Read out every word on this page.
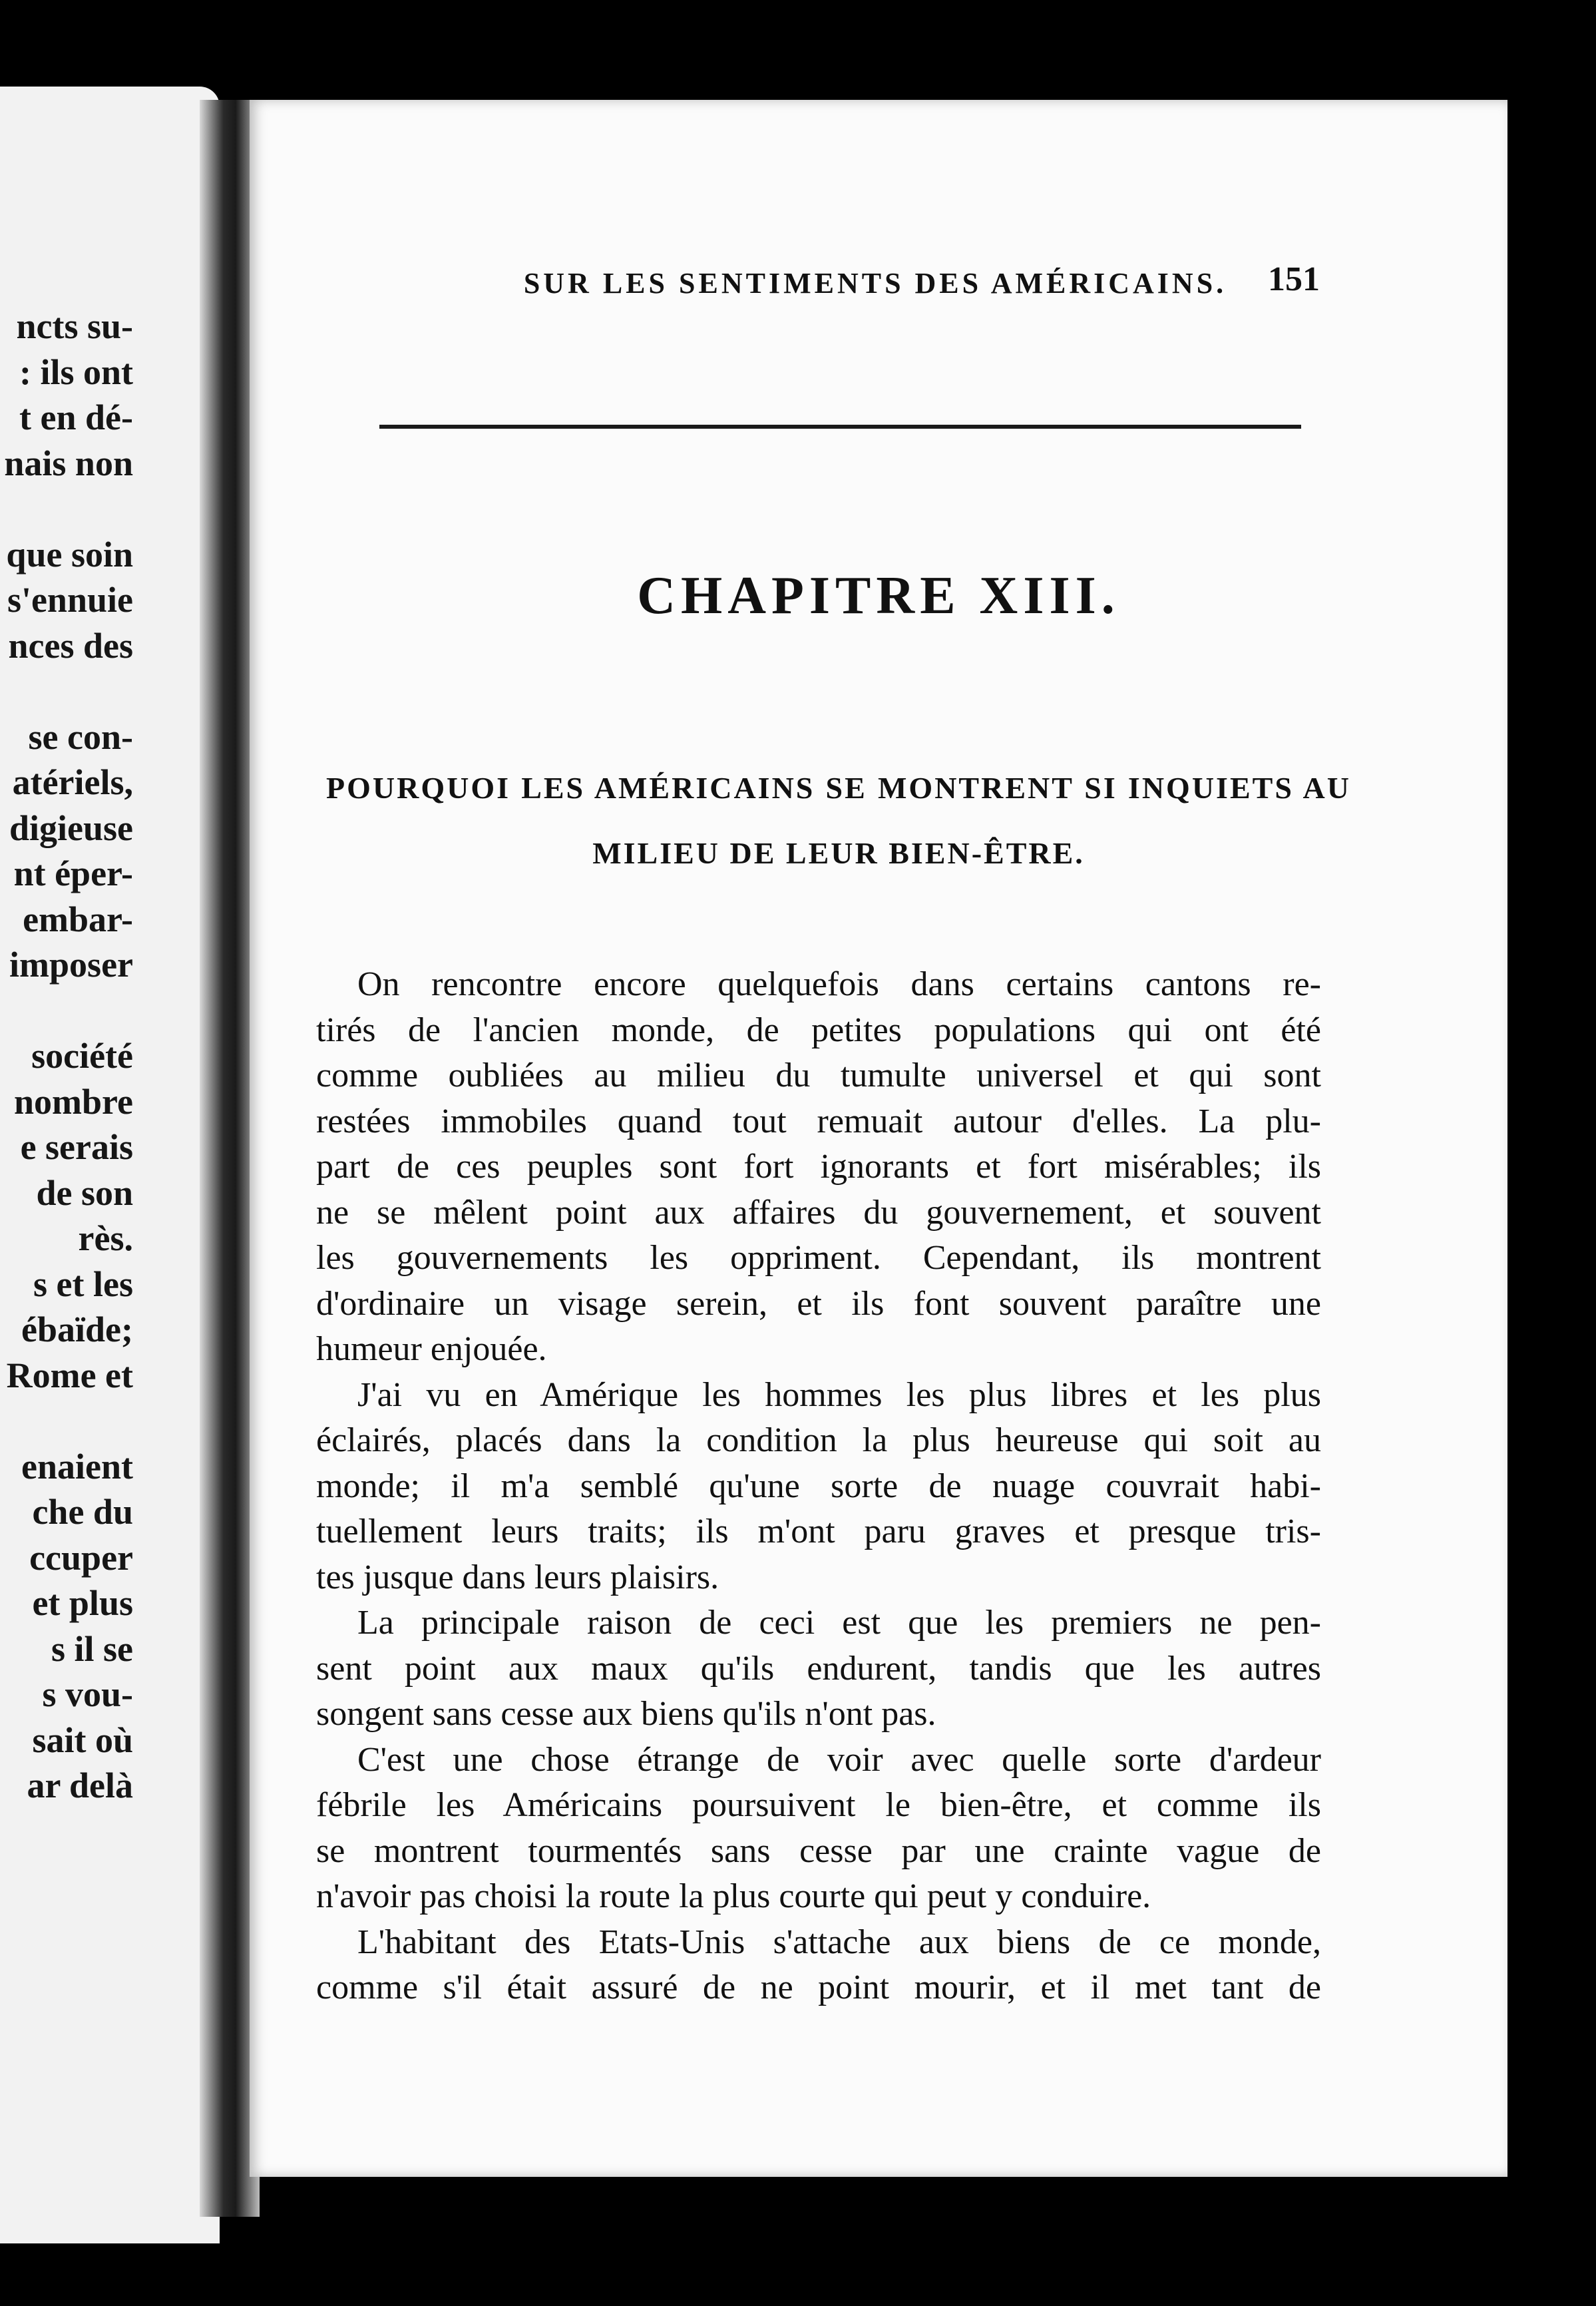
ncts su-
: ils ont
t en dé-
nais non
que soin
s'ennuie
nces des
se con-
atériels,
digieuse
nt éper-
embar-
imposer
société
nombre
e serais
de son
rès.
s et les
ébaïde;
Rome et
enaient
che du
ccuper
et plus
s il se
s vou-
sait où
ar delà
SUR LES SENTIMENTS DES AMÉRICAINS.	151
CHAPITRE XIII.
POURQUOI LES AMÉRICAINS SE MONTRENT SI INQUIETS AU
MILIEU DE LEUR BIEN-ÊTRE.
On rencontre encore quelquefois dans certains cantons re-
tirés de l'ancien monde, de petites populations qui ont été
comme oubliées au milieu du tumulte universel et qui sont
restées immobiles quand tout remuait autour d'elles. La plu-
part de ces peuples sont fort ignorants et fort misérables; ils
ne se mêlent point aux affaires du gouvernement, et souvent
les gouvernements les oppriment. Cependant, ils montrent
d'ordinaire un visage serein, et ils font souvent paraître une
humeur enjouée.
J'ai vu en Amérique les hommes les plus libres et les plus
éclairés, placés dans la condition la plus heureuse qui soit au
monde; il m'a semblé qu'une sorte de nuage couvrait habi-
tuellement leurs traits; ils m'ont paru graves et presque tris-
tes jusque dans leurs plaisirs.
La principale raison de ceci est que les premiers ne pen-
sent point aux maux qu'ils endurent, tandis que les autres
songent sans cesse aux biens qu'ils n'ont pas.
C'est une chose étrange de voir avec quelle sorte d'ardeur
fébrile les Américains poursuivent le bien-être, et comme ils
se montrent tourmentés sans cesse par une crainte vague de
n'avoir pas choisi la route la plus courte qui peut y conduire.
L'habitant des Etats-Unis s'attache aux biens de ce monde,
comme s'il était assuré de ne point mourir, et il met tant de
